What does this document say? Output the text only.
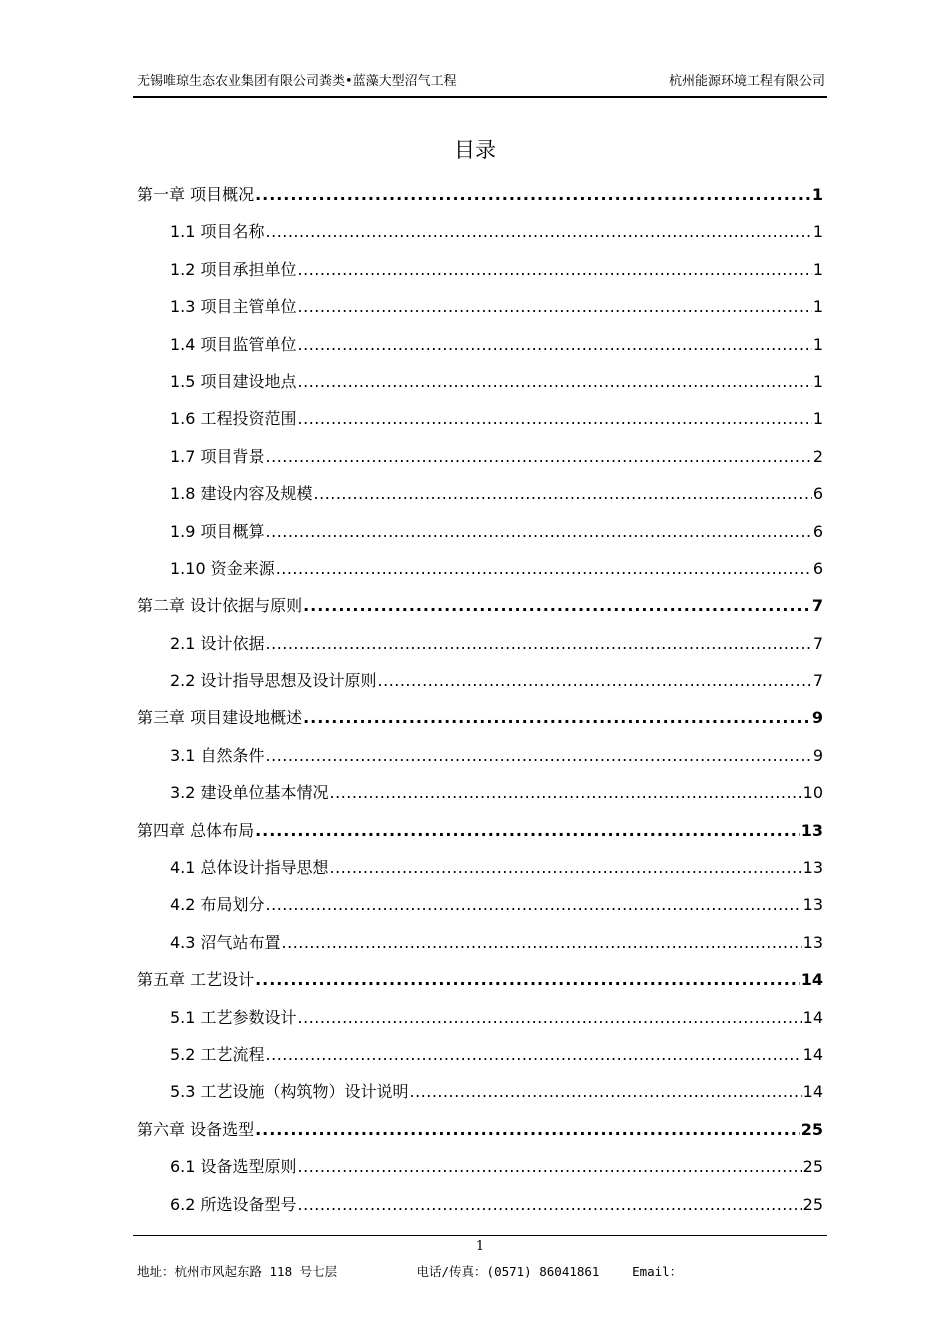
无锡唯琼生态农业集团有限公司粪类•蓝藻大型沼气工程	杭州能源环境工程有限公司
目录
第一章 项目概况 . . .	1
1.1 项目名称 . . .	1
1.2 项目承担单位 . . .	1
1.3 项目主管单位 . . .	1
1.4 项目监管单位 . . .	1
1.5 项目建设地点 . . .	1
1.6 工程投资范围 . . .	1
1.7 项目背景 . . .	2
1.8 建设内容及规模 . . .	6
1.9 项目概算 . . .	6
1.10 资金来源 . . .	6
第二章 设计依据与原则 . . .	7
2.1 设计依据 . . .	7
2.2 设计指导思想及设计原则 . . .	7
第三章 项目建设地概述 . . .	9
3.1 自然条件 . . .	9
3.2 建设单位基本情况 . . .	10
第四章 总体布局 . . .	13
4.1 总体设计指导思想 . . .	13
4.2 布局划分 . . .	13
4.3 沼气站布置 . . .	13
第五章 工艺设计 . . .	14
5.1 工艺参数设计 . . .	14
5.2 工艺流程 . . .	14
5.3 工艺设施（构筑物）设计说明 . . .	14
第六章 设备选型 . . .	25
6.1 设备选型原则 . . .	25
6.2 所选设备型号 . . .	25
1
地址：杭州市风起东路 118 号七层	电话/传真：(0571) 86041861	Email：
